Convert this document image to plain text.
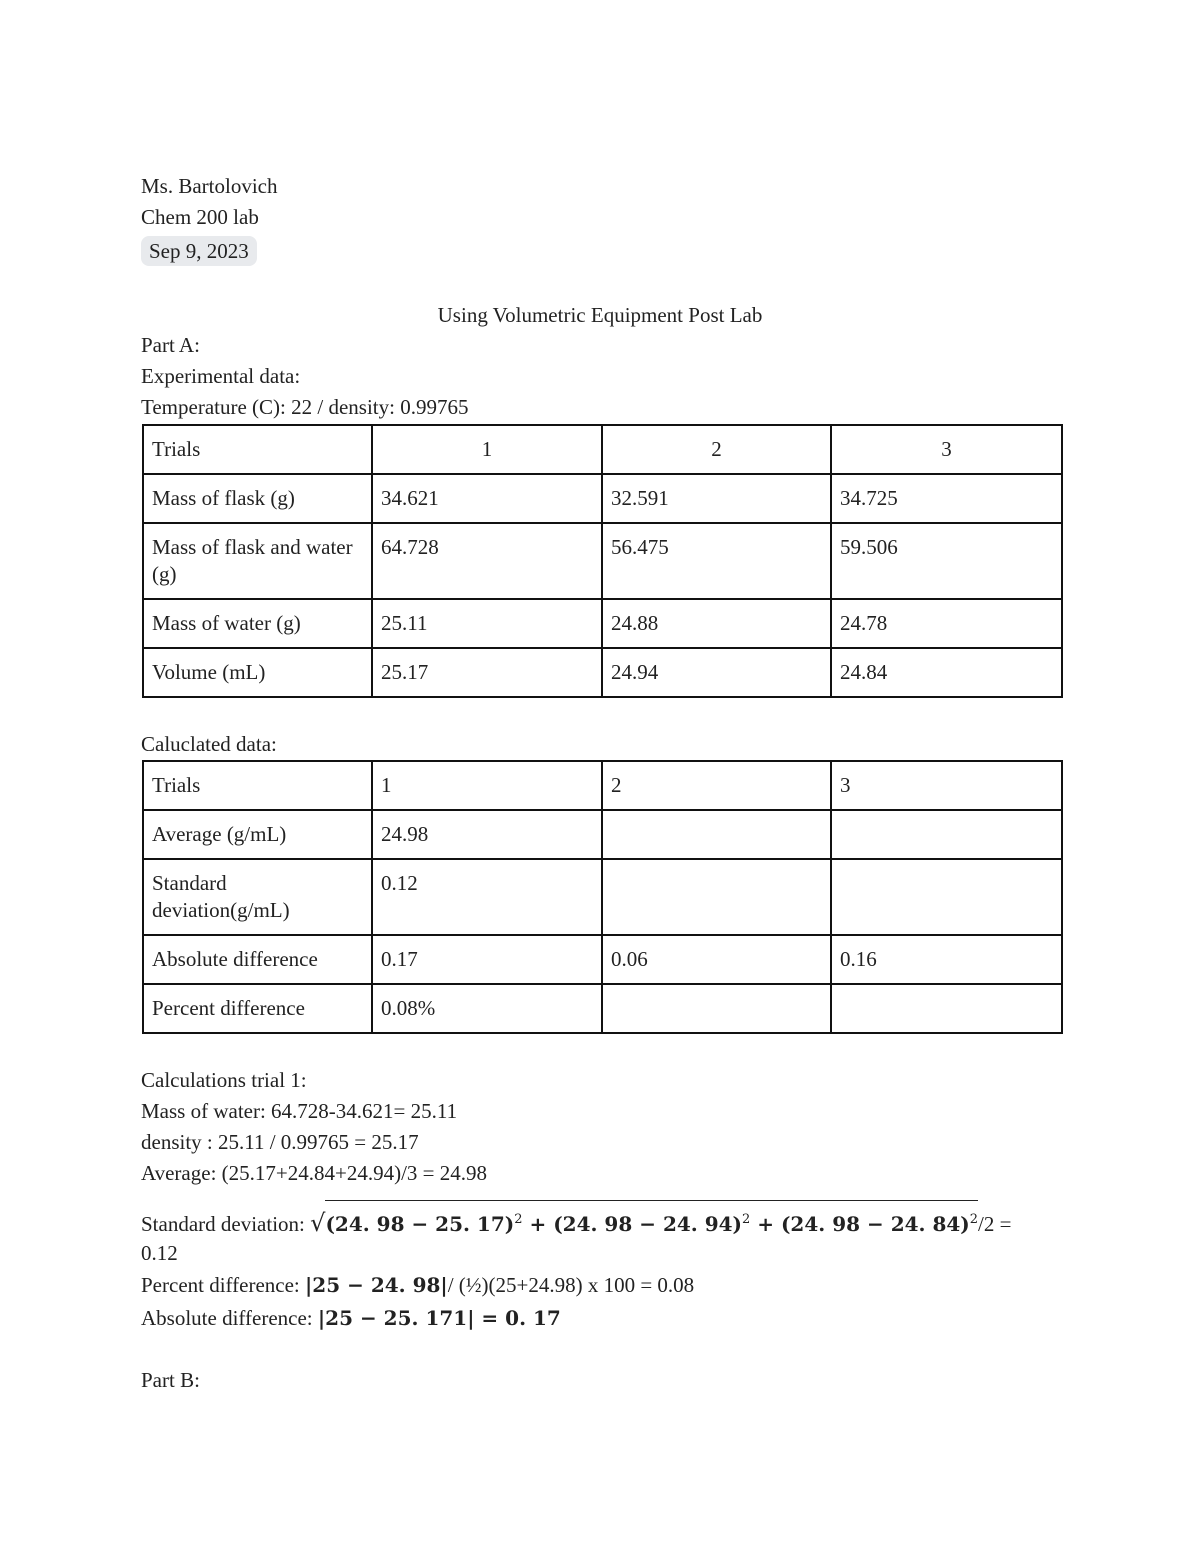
Ms. Bartolovich
Chem 200 lab
Sep 9, 2023
Using Volumetric Equipment Post Lab
Part A:
Experimental data:
Temperature (C): 22 / density: 0.99765
Trials	1	2	3
Mass of flask (g)	34.621	32.591	34.725
Mass of flask and water (g)	64.728	56.475	59.506
Mass of water (g)	25.11	24.88	24.78
Volume (mL)	25.17	24.94	24.84
Caluclated data:
Trials	1	2	3
Average (g/mL)	24.98		
Standard deviation(g/mL)	0.12		
Absolute difference	0.17	0.06	0.16
Percent difference	0.08%		
Calculations trial 1:
Mass of water: 64.728-34.621= 25.11
density : 25.11 / 0.99765 = 25.17
Average: (25.17+24.84+24.94)/3 = 24.98
Standard deviation: √(24. 98 − 25. 17)$^2$ + (24. 98 − 24. 94)$^2$ + (24. 98 − 24. 84)$^2$/2 =
0.12
Percent difference: |25 − 24. 98|/ (½)(25+24.98) x 100 = 0.08
Absolute difference: |25 − 25. 171| = 0. 17
Part B:
